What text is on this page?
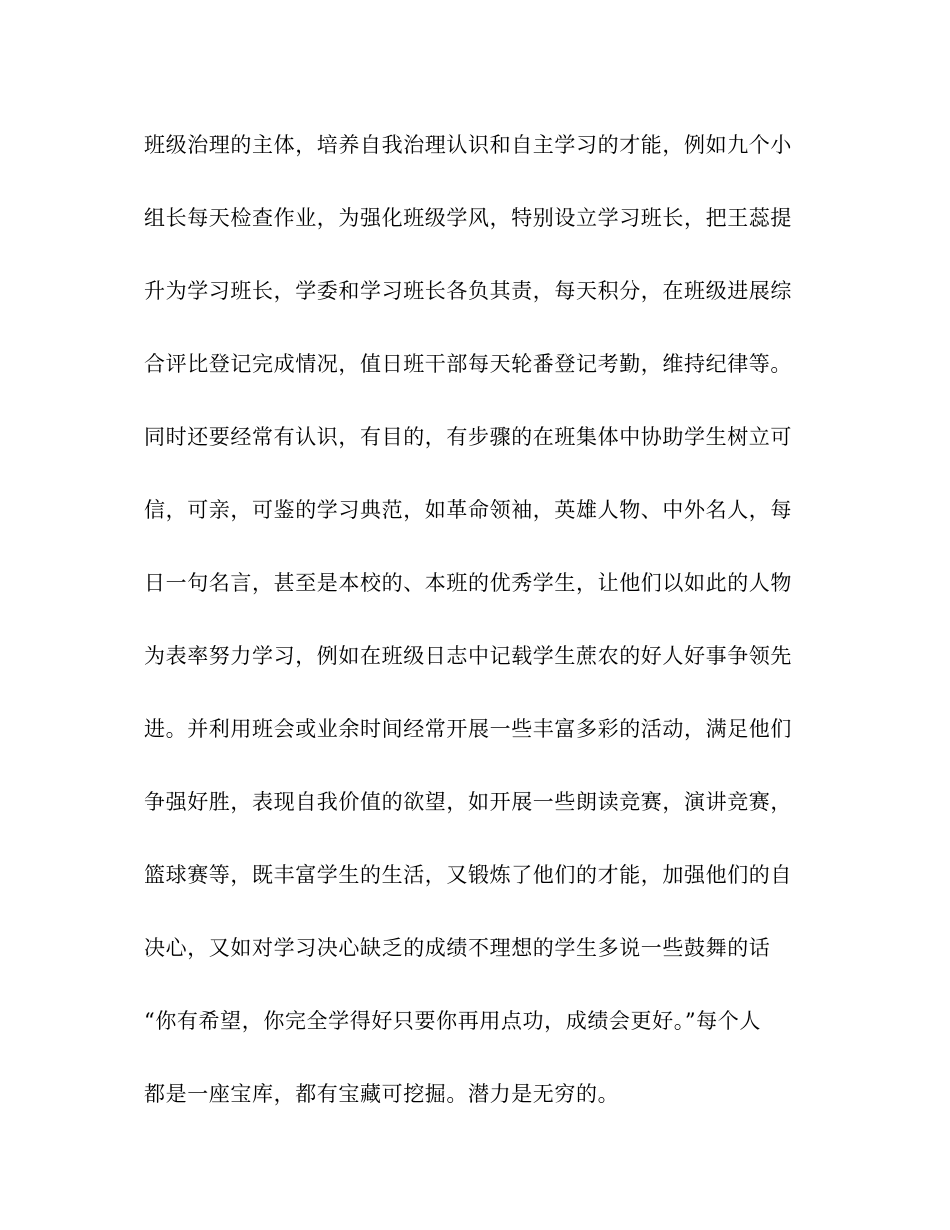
班级治理的主体，培养自我治理认识和自主学习的才能，例如九个小
组长每天检查作业，为强化班级学风，特别设立学习班长，把王蕊提
升为学习班长，学委和学习班长各负其责，每天积分，在班级进展综
合评比登记完成情况，值日班干部每天轮番登记考勤，维持纪律等。
同时还要经常有认识，有目的，有步骤的在班集体中协助学生树立可
信，可亲，可鉴的学习典范，如革命领袖，英雄人物、中外名人，每
日一句名言，甚至是本校的、本班的优秀学生，让他们以如此的人物
为表率努力学习，例如在班级日志中记载学生蔗农的好人好事争领先
进。并利用班会或业余时间经常开展一些丰富多彩的活动，满足他们
争强好胜，表现自我价值的欲望，如开展一些朗读竞赛，演讲竞赛，
篮球赛等，既丰富学生的生活，又锻炼了他们的才能，加强他们的自
决心，又如对学习决心缺乏的成绩不理想的学生多说一些鼓舞的话
“你有希望，你完全学得好只要你再用点功，成绩会更好。”每个人
都是一座宝库，都有宝藏可挖掘。潜力是无穷的。
